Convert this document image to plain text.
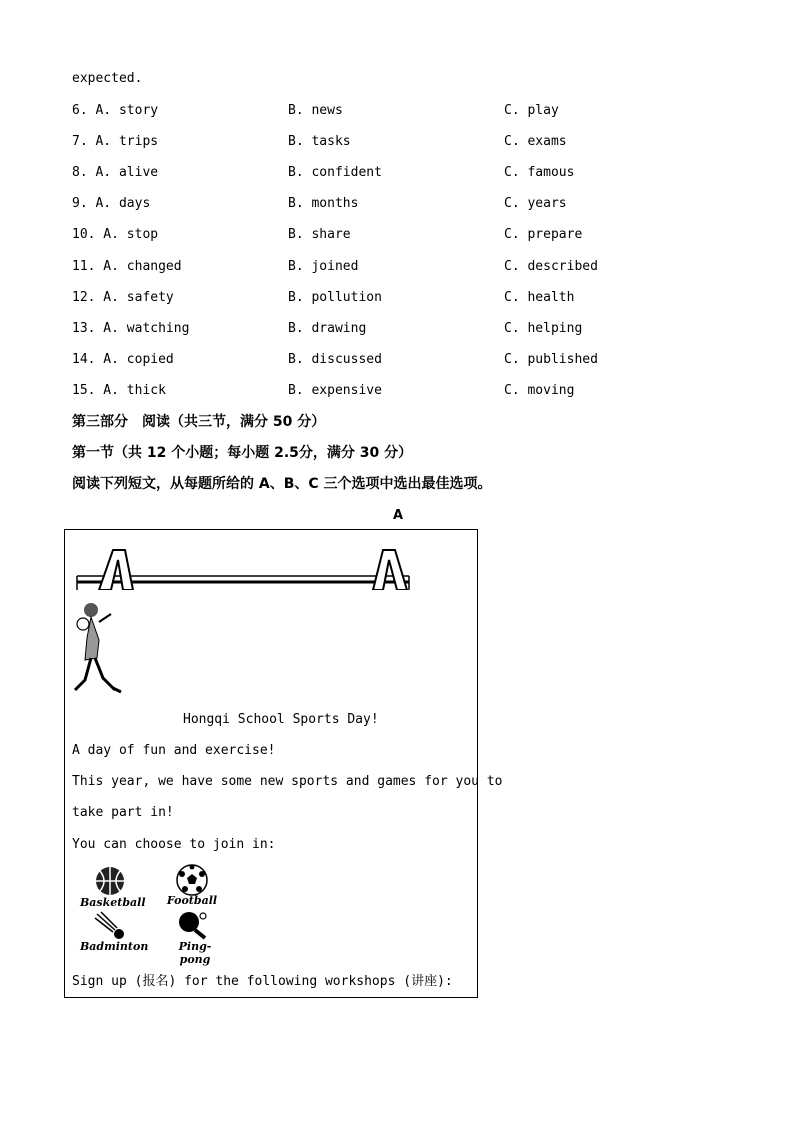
expected.
6. A. story	B. news	C. play
7. A. trips	B. tasks	C. exams
8. A. alive	B. confident	C. famous
9. A. days	B. months	C. years
10. A. stop	B. share	C. prepare
11. A. changed	B. joined	C. described
12. A. safety	B. pollution	C. health
13. A. watching	B. drawing	C. helping
14. A. copied	B. discussed	C. published
15. A. thick	B. expensive	C. moving
第三部分　阅读（共三节，满分 50 分）
第一节（共 12 个小题；每小题 2.5分，满分 30 分）
阅读下列短文，从每题所给的 A、B、C 三个选项中选出最佳选项。
A
Hongqi School Sports Day!
A day of fun and exercise!
This year, we have some new sports and games for you to
take part in!
You can choose to join in:
Basketball	Football
Badminton	Ping-pong
Sign up (报名) for the following workshops (讲座):
